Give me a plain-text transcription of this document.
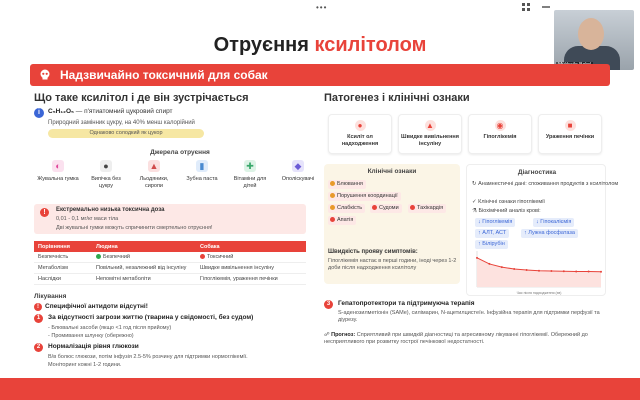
•••
Отруєння ксилітолом
Надзвичайно токсичний для собак
Що таке ксилітол і де він зустрічається
i	C₅H₁₂O₅ — п'ятиатомний цукровий спирт
Природний замінник цукру, на 40% менш калорійний
Однаково солодкий як цукор
Джерела отруєння
◐
Жувальна гумка
●
Випічка без цукру
▲
Льодяники, сиропи
▮
Зубна паста
✚
Вітаміни для дітей
◆
Ополіскувачі
!	Екстремально низька токсична доза
0,01 - 0,1 мг/кг маси тіла
Дві жувальні гумки можуть спричинити смертельно отруєння!
Порівняння	Людина	Собака
Безпечність	Безпечний	Токсичний
Метаболізм	Повільний, незалежний від інсуліну	Швидке вивільнення інсуліну
Наслідки	Непомітні метаболіти	Гіпоглікемія, ураження печінки
Лікування
! Специфічної антидоти відсутні!
1	За відсутності загрози життю (тварина у свідомості, без судом)
- Блювальні засоби (якщо <1 год після прийому)
- Промивання шлунку (обережно)
2	Нормалізація рівня глюкози
В/в болюс глюкози, потім інфузія 2.5-5% розчину для підтримки нормоглікемії.
Моніторинг кожні 1-2 години.
Патогенез і клінічні ознаки
●
Ксиліт ол надходження
▲
Швидке вивільнення інсуліну
◉
Гіпоглікемія
■
Ураження печінки
Клінічні ознаки
Блювання
Порушення координації
Слабкість	Судоми	Тахікардія
Апатія
Швидкість прояву симптомів:
Гіпоглікемія настає в перші години, іноді через 1-2 доби після надходження ксилітолу
Діагностика
↻ Анамнестичні дані: споживання продуктів з ксилітолом
✓ Клінічні ознаки гіпоглікемії
⚗ Біохімічний аналіз крові:
↓ Гіпоглікемія	↓ Гіпокаліємія
↑ АЛТ, АСТ	↑ Лужна фосфатаза
↑ Білірубін
Час після надходження (хв)
3	Гепатопротектори та підтримуюча терапія
S-аденозилметіонін (SAMe), силімарин, N-ацетилцистеїн. Інфузійна терапія для підтримки перфузії та діурезу.
☍ Прогноз: Сприятливий при швидкій діагностиці та агресивному лікуванні гіпоглікемії. Обережний до несприятливого при розвитку гострої печінкової недостатності.
